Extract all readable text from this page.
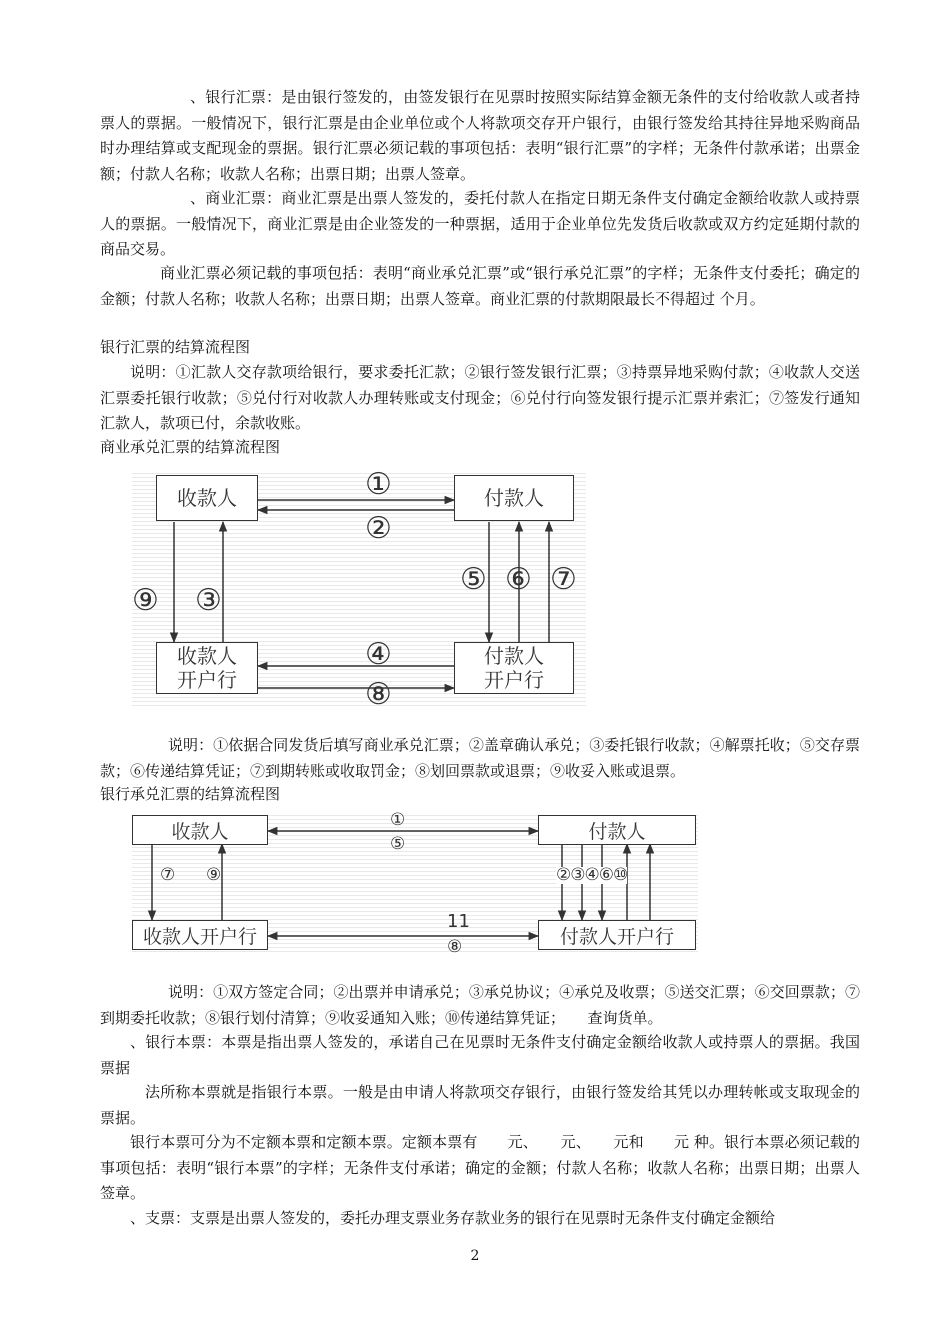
、银行汇票：是由银行签发的，由签发银行在见票时按照实际结算金额无条件的支付给收款人或者持票人的票据。一般情况下，银行汇票是由企业单位或个人将款项交存开户银行，由银行签发给其持往异地采购商品时办理结算或支配现金的票据。银行汇票必须记载的事项包括：表明“银行汇票”的字样；无条件付款承诺；出票金额；付款人名称；收款人名称；出票日期；出票人签章。

、商业汇票：商业汇票是出票人签发的，委托付款人在指定日期无条件支付确定金额给收款人或持票人的票据。一般情况下，商业汇票是由企业签发的一种票据，适用于企业单位先发货后收款或双方约定延期付款的商品交易。

商业汇票必须记载的事项包括：表明“商业承兑汇票”或“银行承兑汇票”的字样；无条件支付委托；确定的金额；付款人名称；收款人名称；出票日期；出票人签章。商业汇票的付款期限最长不得超过 个月。

银行汇票的结算流程图

说明：①汇款人交存款项给银行，要求委托汇款；②银行签发银行汇票；③持票异地采购付款；④收款人交送汇票委托银行收款；⑤兑付行对收款人办理转账或支付现金；⑥兑付行向签发银行提示汇票并索汇；⑦签发行通知汇款人，款项已付，余款收账。

商业承兑汇票的结算流程图

收款人	付款人
收款人
开户行
付款人
开户行
①
②
③
④
⑤ ⑥ ⑦
⑧
⑨

说明：①依据合同发货后填写商业承兑汇票；②盖章确认承兑；③委托银行收款；④解票托收；⑤交存票款；⑥传递结算凭证；⑦到期转账或收取罚金；⑧划回票款或退票；⑨收妥入账或退票。

银行承兑汇票的结算流程图

收款人	付款人
收款人开户行	付款人开户行
①
⑤
⑦ ⑨	②③④⑥⑩
11
⑧

说明：①双方签定合同；②出票并申请承兑；③承兑协议；④承兑及收票；⑤送交汇票；⑥交回票款；⑦到期委托收款；⑧银行划付清算；⑨收妥通知入账；⑩传递结算凭证；　　查询货单。

、银行本票：本票是指出票人签发的，承诺自己在见票时无条件支付确定金额给收款人或持票人的票据。我国票据

法所称本票就是指银行本票。一般是由申请人将款项交存银行，由银行签发给其凭以办理转帐或支取现金的票据。

银行本票可分为不定额本票和定额本票。定额本票有　　元、　　元、　　元和　　元 种。银行本票必须记载的事项包括：表明“银行本票”的字样；无条件支付承诺；确定的金额；付款人名称；收款人名称；出票日期；出票人签章。

、支票：支票是出票人签发的，委托办理支票业务存款业务的银行在见票时无条件支付确定金额给

2
